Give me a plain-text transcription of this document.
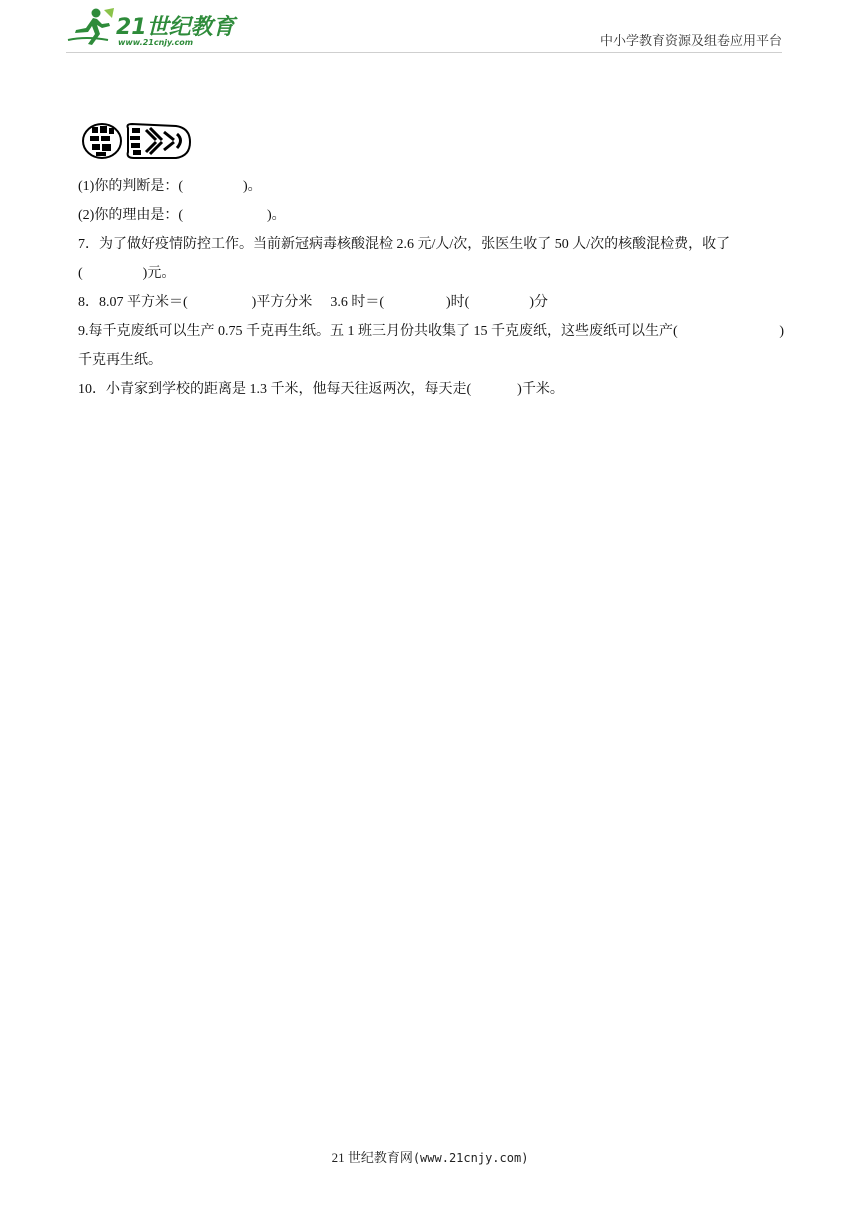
21世纪教育
www.21cnjy.com	中小学教育资源及组卷应用平台
(1)你的判断是：(	)。
(2)你的理由是：(	)。
7．为了做好疫情防控工作。当前新冠病毒核酸混检 2.6 元/人/次，张医生收了 50 人/次的核酸混检费，收了
(	)元。
8．8.07 平方米＝(	)平方分米 3.6 时＝(	)时(	)分
9.每千克废纸可以生产 0.75 千克再生纸。五 1 班三月份共收集了 15 千克废纸，这些废纸可以生产(	)
千克再生纸。
10．小青家到学校的距离是 1.3 千米，他每天往返两次，每天走(	)千米。
21 世纪教育网(www.21cnjy.com)
